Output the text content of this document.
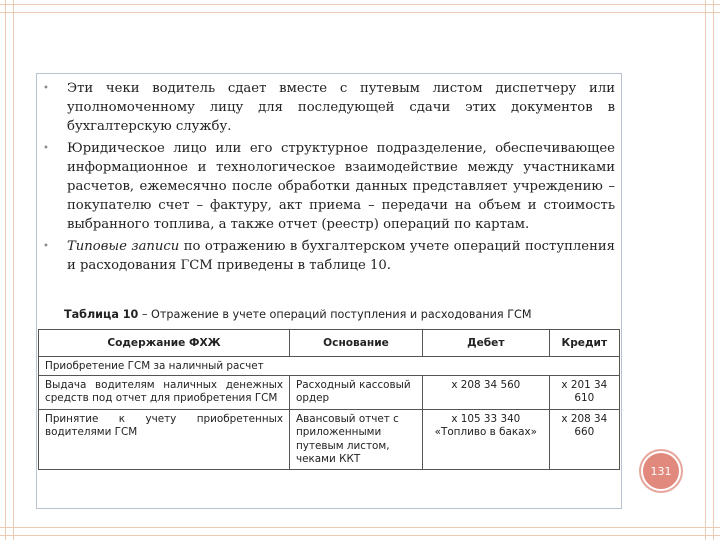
• Эти чеки водитель сдает вместе с путевым листом диспетчеру или уполномоченному лицу для последующей сдачи этих документов в бухгалтерскую службу.
• Юридическое лицо или его структурное подразделение, обеспечивающее информационное и технологическое взаимодействие между участниками расчетов, ежемесячно после обработки данных представляет учреждению – покупателю счет – фактуру, акт приема – передачи на объем и стоимость выбранного топлива, а также отчет (реестр) операций по картам.
• Типовые записи по отражению в бухгалтерском учете операций поступления и расходования ГСМ приведены в таблице 10.
Таблица 10 – Отражение в учете операций поступления и расходования ГСМ
Содержание ФХЖ	Основание	Дебет	Кредит
Приобретение ГСМ за наличный расчет			
Выдача водителям наличных денежных средств под отчет для приобретения ГСМ	Расходный кассовый ордер	х 208 34 560	х 201 34 610
Принятие к учету приобретенных водителями ГСМ	Авансовый отчет с приложенными путевым листом, чеками ККТ	х 105 33 340 «Топливо в баках»	х 208 34 660
131
